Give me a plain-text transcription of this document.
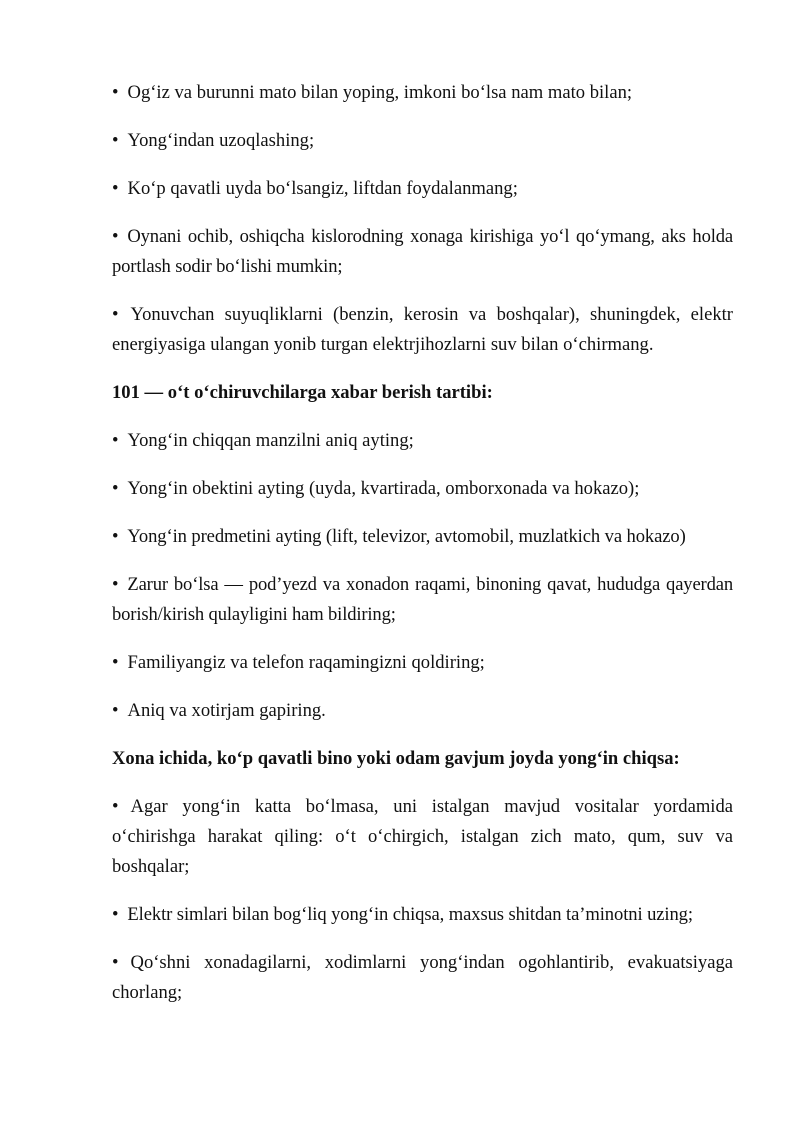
• Og‘iz va burunni mato bilan yoping, imkoni bo‘lsa nam mato bilan;

• Yong‘indan uzoqlashing;

• Ko‘p qavatli uyda bo‘lsangiz, liftdan foydalanmang;

• Oynani ochib, oshiqcha kislorodning xonaga kirishiga yo‘l qo‘ymang, aks holda portlash sodir bo‘lishi mumkin;

• Yonuvchan suyuqliklarni (benzin, kerosin va boshqalar), shuningdek, elektr energiyasiga ulangan yonib turgan elektrjihozlarni suv bilan o‘chirmang.

101 — o‘t o‘chiruvchilarga xabar berish tartibi:

• Yong‘in chiqqan manzilni aniq ayting;

• Yong‘in obektini ayting (uyda, kvartirada, omborxonada va hokazo);

• Yong‘in predmetini ayting (lift, televizor, avtomobil, muzlatkich va hokazo)

• Zarur bo‘lsa — pod’yezd va xonadon raqami, binoning qavat, hududga qayerdan borish/kirish qulayligini ham bildiring;

• Familiyangiz va telefon raqamingizni qoldiring;

• Aniq va xotirjam gapiring.

Xona ichida, ko‘p qavatli bino yoki odam gavjum joyda yong‘in chiqsa:

• Agar yong‘in katta bo‘lmasa, uni istalgan mavjud vositalar yordamida o‘chirishga harakat qiling: o‘t o‘chirgich, istalgan zich mato, qum, suv va boshqalar;

• Elektr simlari bilan bog‘liq yong‘in chiqsa, maxsus shitdan ta’minotni uzing;

• Qo‘shni xonadagilarni, xodimlarni yong‘indan ogohlantirib, evakuatsiyaga chorlang;
